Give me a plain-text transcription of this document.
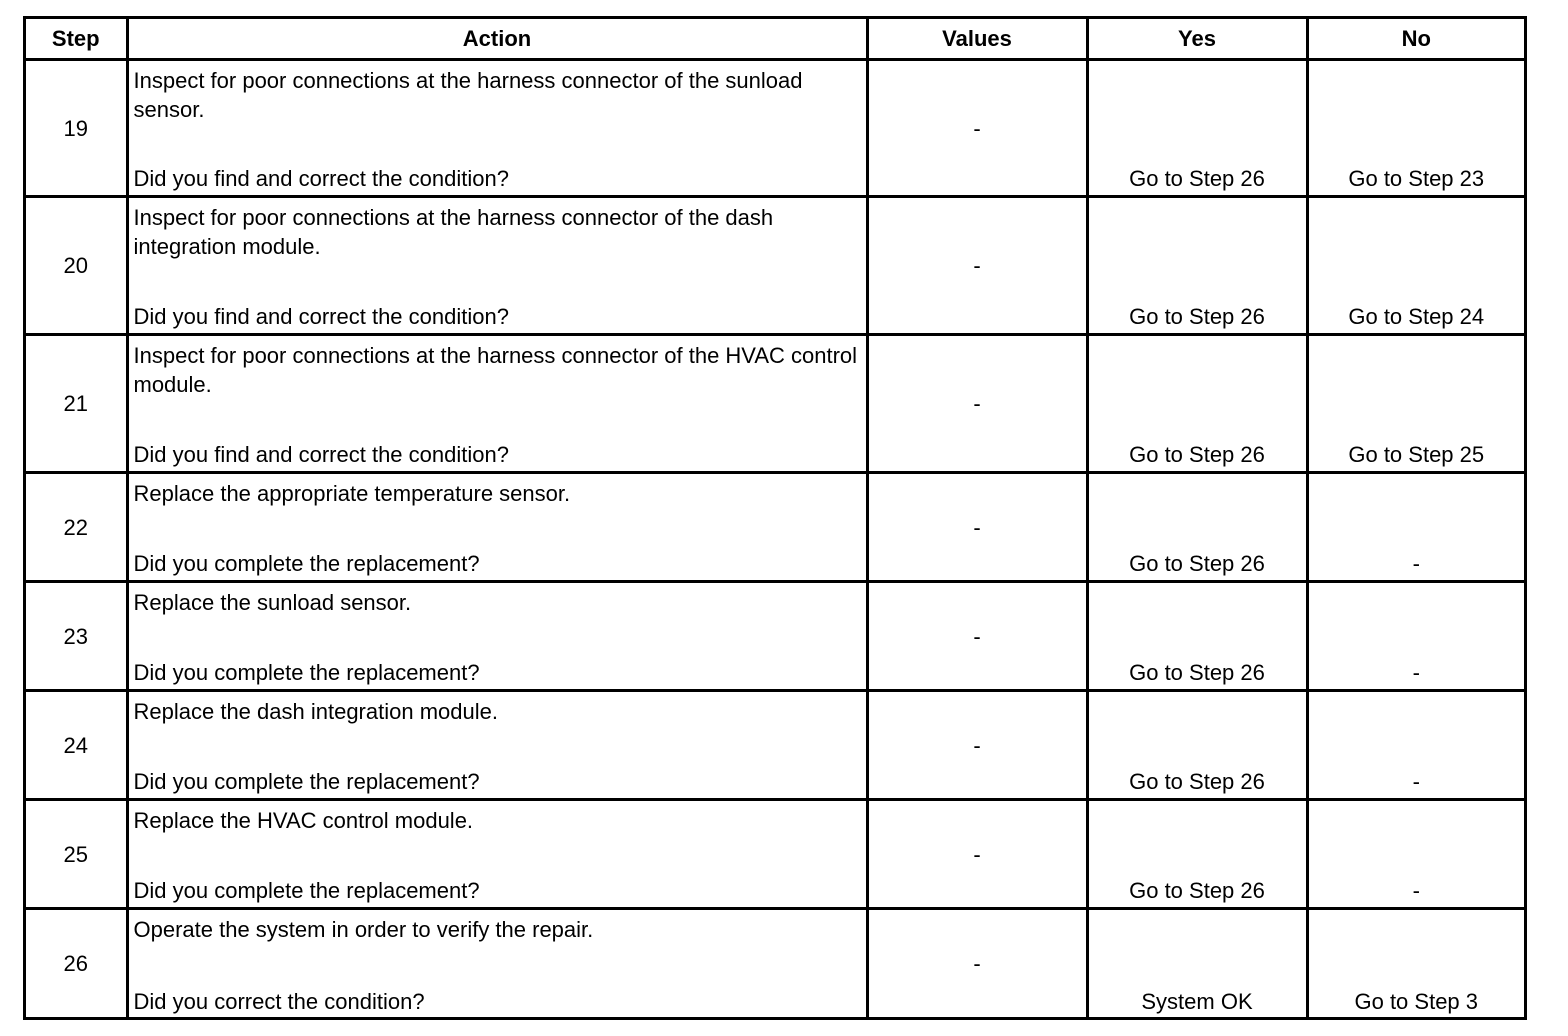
Step	Action	Values	Yes	No
19	Inspect for poor connections at the harness connector of the sunload sensor.
Did you find and correct the condition?	-	Go to Step 26	Go to Step 23
20	Inspect for poor connections at the harness connector of the dash integration module.
Did you find and correct the condition?	-	Go to Step 26	Go to Step 24
21	Inspect for poor connections at the harness connector of the HVAC control module.
Did you find and correct the condition?	-	Go to Step 26	Go to Step 25
22	Replace the appropriate temperature sensor.
Did you complete the replacement?	-	Go to Step 26	-
23	Replace the sunload sensor.
Did you complete the replacement?	-	Go to Step 26	-
24	Replace the dash integration module.
Did you complete the replacement?	-	Go to Step 26	-
25	Replace the HVAC control module.
Did you complete the replacement?	-	Go to Step 26	-
26	Operate the system in order to verify the repair.
Did you correct the condition?	-	System OK	Go to Step 3
